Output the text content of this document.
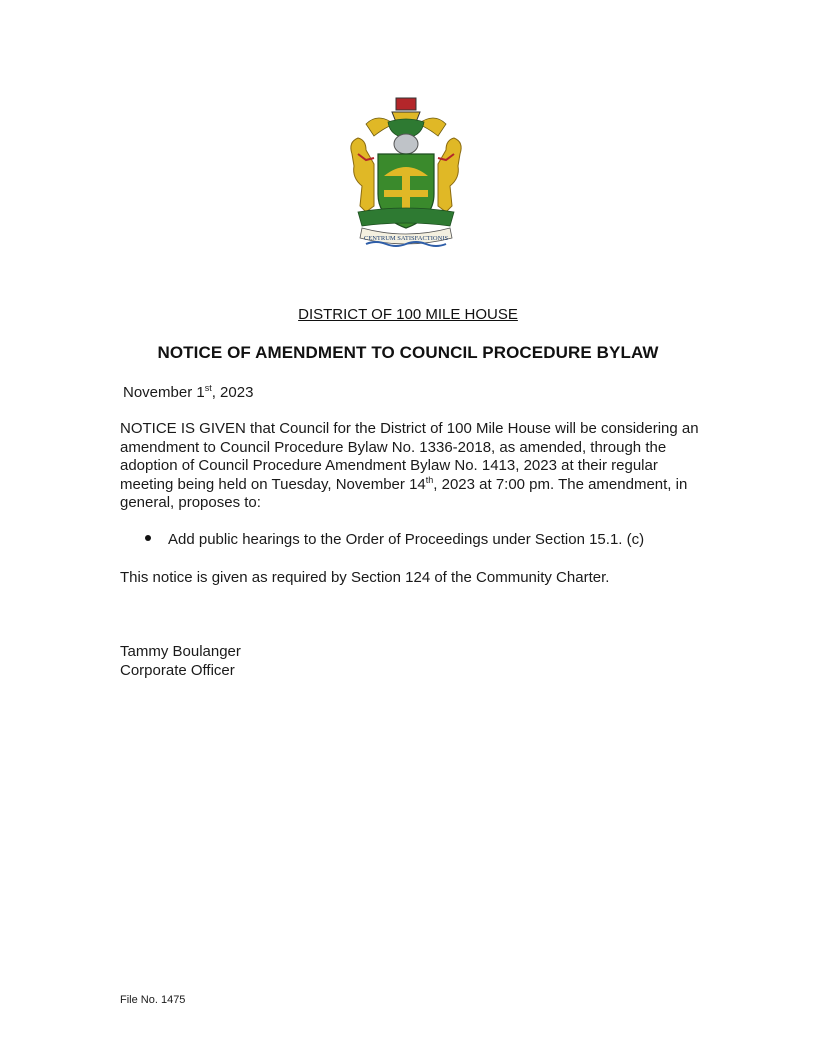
CENTRUM SATISFACTIONIS
DISTRICT OF 100 MILE HOUSE
NOTICE OF AMENDMENT TO COUNCIL PROCEDURE BYLAW
November 1st, 2023
NOTICE IS GIVEN that Council for the District of 100 Mile House will be considering an amendment to Council Procedure Bylaw No. 1336-2018, as amended, through the adoption of Council Procedure Amendment Bylaw No. 1413, 2023 at their regular meeting being held on Tuesday, November 14th, 2023 at 7:00 pm. The amendment, in general, proposes to:
Add public hearings to the Order of Proceedings under Section 15.1. (c)
This notice is given as required by Section 124 of the Community Charter.
Tammy Boulanger
Corporate Officer
File No. 1475
